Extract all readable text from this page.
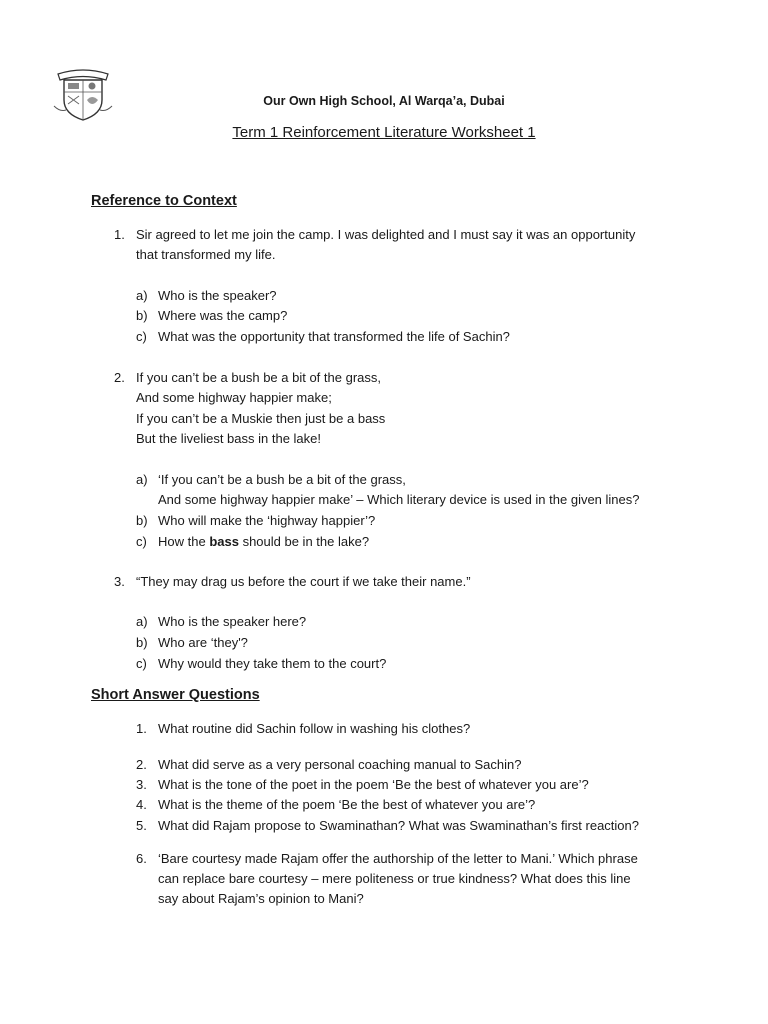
Our Own High School, Al Warqa’a, Dubai
Term 1 Reinforcement Literature Worksheet 1
Reference to Context
1. Sir agreed to let me join the camp. I was delighted and I must say it was an opportunity
that transformed my life.
a) Who is the speaker?
b) Where was the camp?
c) What was the opportunity that transformed the life of Sachin?
2. If you can’t be a bush be a bit of the grass,
And some highway happier make;
If you can’t be a Muskie then just be a bass
But the liveliest bass in the lake!
a) ‘If you can’t be a bush be a bit of the grass,
And some highway happier make’ – Which literary device is used in the given lines?
b) Who will make the ‘highway happier’?
c) How the bass should be in the lake?
3. “They may drag us before the court if we take their name.”
a) Who is the speaker here?
b) Who are ‘they'?
c) Why would they take them to the court?
Short Answer Questions
1. What routine did Sachin follow in washing his clothes?
2. What did serve as a very personal coaching manual to Sachin?
3. What is the tone of the poet in the poem ‘Be the best of whatever you are’?
4. What is the theme of the poem ‘Be the best of whatever you are’?
5. What did Rajam propose to Swaminathan? What was Swaminathan’s first reaction?
6. ‘Bare courtesy made Rajam offer the authorship of the letter to Mani.’ Which phrase
can replace bare courtesy – mere politeness or true kindness? What does this line
say about Rajam’s opinion to Mani?
